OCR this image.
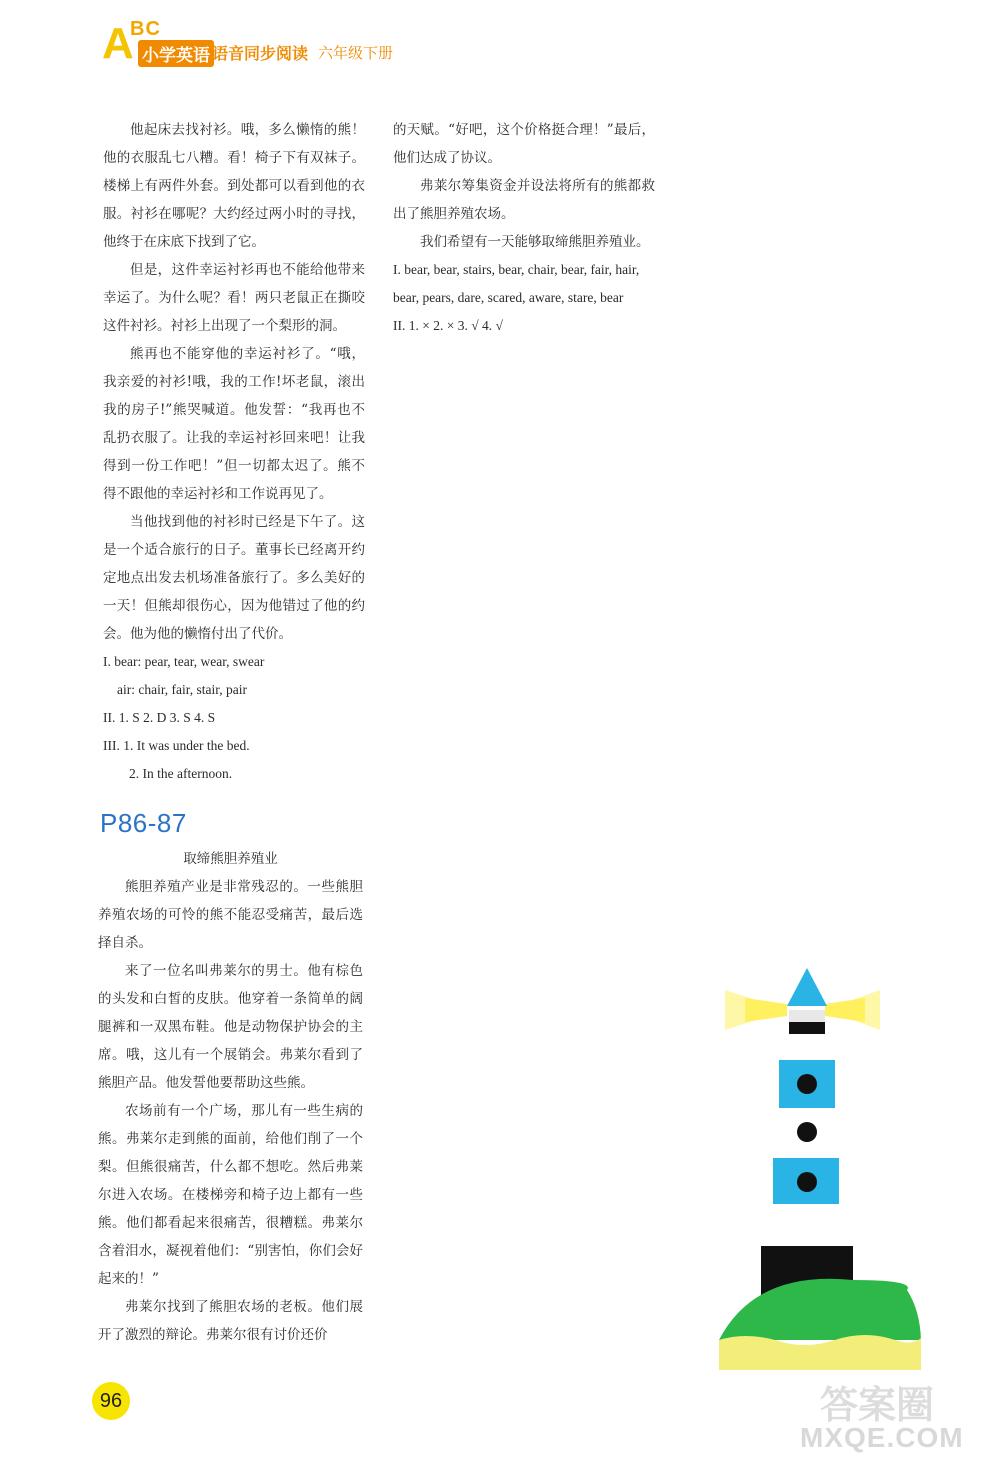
A
BC
小学英语 语音同步阅读 六年级下册

他起床去找衬衫。哦，多么懒惰的熊！他的衣服乱七八糟。看！椅子下有双袜子。楼梯上有两件外套。到处都可以看到他的衣服。衬衫在哪呢？大约经过两小时的寻找，他终于在床底下找到了它。

但是，这件幸运衬衫再也不能给他带来幸运了。为什么呢？看！两只老鼠正在撕咬这件衬衫。衬衫上出现了一个梨形的洞。

熊再也不能穿他的幸运衬衫了。“哦，我亲爱的衬衫!哦，我的工作!坏老鼠，滚出我的房子!”熊哭喊道。他发誓：“我再也不乱扔衣服了。让我的幸运衬衫回来吧！让我得到一份工作吧！”但一切都太迟了。熊不得不跟他的幸运衬衫和工作说再见了。

当他找到他的衬衫时已经是下午了。这是一个适合旅行的日子。董事长已经离开约定地点出发去机场准备旅行了。多么美好的一天！但熊却很伤心，因为他错过了他的约会。他为他的懒惰付出了代价。

I. bear: pear, tear, wear, swear

air: chair, fair, stair, pair

II. 1. S 2. D 3. S 4. S

III. 1. It was under the bed.

2. In the afternoon.

P86-87

取缔熊胆养殖业

熊胆养殖产业是非常残忍的。一些熊胆养殖农场的可怜的熊不能忍受痛苦，最后选择自杀。

来了一位名叫弗莱尔的男士。他有棕色的头发和白皙的皮肤。他穿着一条简单的阔腿裤和一双黑布鞋。他是动物保护协会的主席。哦，这儿有一个展销会。弗莱尔看到了熊胆产品。他发誓他要帮助这些熊。

农场前有一个广场，那儿有一些生病的熊。弗莱尔走到熊的面前，给他们削了一个梨。但熊很痛苦，什么都不想吃。然后弗莱尔进入农场。在楼梯旁和椅子边上都有一些熊。他们都看起来很痛苦，很糟糕。弗莱尔含着泪水，凝视着他们：“别害怕，你们会好起来的！”

弗莱尔找到了熊胆农场的老板。他们展开了激烈的辩论。弗莱尔很有讨价还价

的天赋。“好吧，这个价格挺合理！”最后，他们达成了协议。

弗莱尔筹集资金并设法将所有的熊都救出了熊胆养殖农场。

我们希望有一天能够取缔熊胆养殖业。

I. bear, bear, stairs, bear, chair, bear, fair, hair, bear, pears, dare, scared, aware, stare, bear

II. 1. × 2. × 3. √ 4. √

96	答案圈
MXQE.COM
